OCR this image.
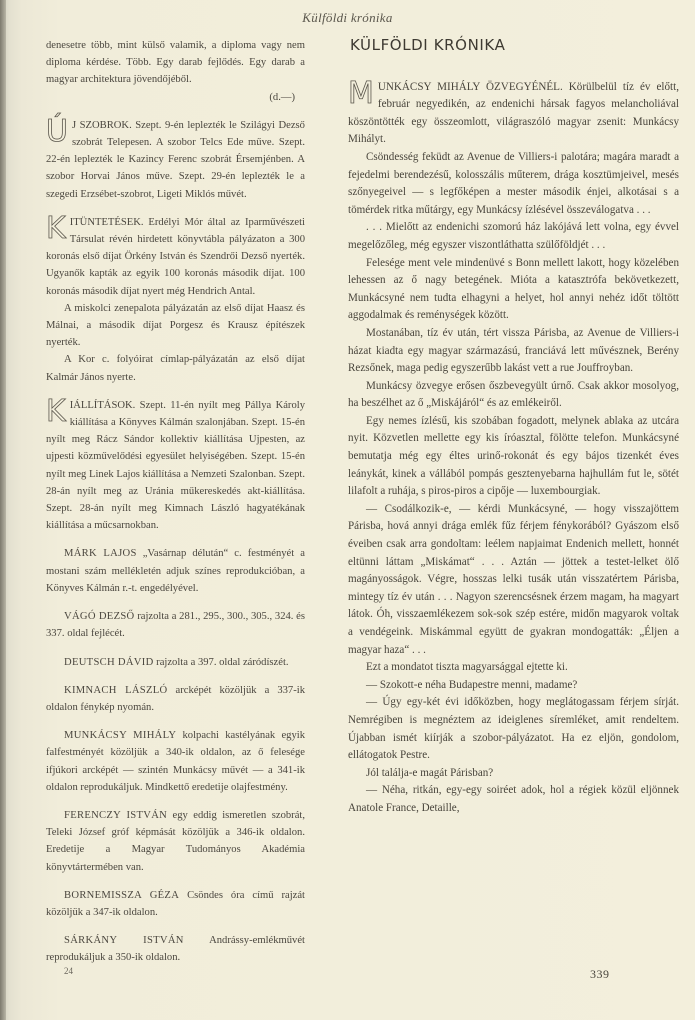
Külföldi krónika

denesetre több, mint külső valamik, a diploma vagy nem diploma kérdése. Több. Egy darab fejlődés. Egy darab a magyar architektura jövendőjéből.
(d.—)

Ú J SZOBROK. Szept. 9-én leplezték le Szilágyi Dezső szobrát Telepesen. A szobor Telcs Ede műve. Szept. 22-én leplezték le Kazincy Ferenc szobrát Érsemjénben. A szobor Horvai János műve. Szept. 29-én leplezték le a szegedi Erzsébet-szobrot, Ligeti Miklós művét.

KITÜNTETÉSEK. Erdélyi Mór által az Iparművészeti Társulat révén hirdetett könyvtábla pályázaton a 300 koronás első díjat Örkény István és Szendrői Dezső nyerték. Ugyanők kapták az egyik 100 koronás második díjat. 100 koronás második díjat nyert még Hendrich Antal.

A miskolci zenepalota pályázatán az első díjat Haasz és Málnai, a második díjat Porgesz és Krausz építészek nyerték.

A Kor c. folyóirat címlap-pályázatán az első díjat Kalmár János nyerte.

KIÁLLÍTÁSOK. Szept. 11-én nyílt meg Pállya Károly kiállítása a Könyves Kálmán szalonjában. Szept. 15-én nyílt meg Rácz Sándor kollektiv kiállítása Ujpesten, az ujpesti közművelődési egyesület helyiségében. Szept. 15-én nyílt meg Linek Lajos kiállítása a Nemzeti Szalonban. Szept. 28-án nyílt meg az Uránia műkereskedés akt-kiállítása. Szept. 28-án nyílt meg Kimnach László hagyatékának kiállítása a műcsarnokban.

MÁRK LAJOS „Vasárnap délután“ c. festményét a mostani szám mellékletén adjuk színes reprodukcióban, a Könyves Kálmán r.-t. engedélyével.

VÁGÓ DEZSŐ rajzolta a 281., 295., 300., 305., 324. és 337. oldal fejlécét.

DEUTSCH DÁVID rajzolta a 397. oldal záródíszét.

KIMNACH LÁSZLÓ arcképét közöljük a 337-ik oldalon fénykép nyomán.

MUNKÁCSY MIHÁLY kolpachi kastélyának egyik falfestményét közöljük a 340-ik oldalon, az ő felesége ifjúkori arcképét — szintén Munkácsy művét — a 341-ik oldalon reprodukáljuk. Mindkettő eredetije olajfestmény.

FERENCZY ISTVÁN egy eddig ismeretlen szobrát, Teleki József gróf képmását közöljük a 346-ik oldalon. Eredetije a Magyar Tudományos Akadémia könyvtártermében van.

BORNEMISSZA GÉZA Csöndes óra című rajzát közöljük a 347-ik oldalon.

SÁRKÁNY ISTVÁN Andrássy-emlékművét reprodukáljuk a 350-ik oldalon.

24
KÜLFÖLDI KRÓNIKA

MUNKÁCSY MIHÁLY ÖZVEGYÉNÉL. Körülbelül tíz év előtt, február negyedikén, az endenichi hársak fagyos melancholiával köszöntötték egy összeomlott, világraszóló magyar zsenit: Munkácsy Mihályt.

Csöndesség feküdt az Avenue de Villiers-i palotára; magára maradt a fejedelmi berendezésű, kolosszális műterem, drága kosztümjeivel, mesés szőnyegeivel — s legfőképen a mester második énjei, alkotásai s a tömérdek ritka műtárgy, egy Munkácsy ízlésével összeválogatva . . .

. . . Mielőtt az endenichi szomorú ház lakójává lett volna, egy évvel megelőzőleg, még egyszer viszontláthatta szülőföldjét . . .

Felesége ment vele mindenüvé s Bonn mellett lakott, hogy közelében lehessen az ő nagy betegének. Mióta a katasztrófa bekövetkezett, Munkácsyné nem tudta elhagyni a helyet, hol annyi nehéz időt töltött aggodalmak és reménységek között.

Mostanában, tíz év után, tért vissza Párisba, az Avenue de Villiers-i házat kiadta egy magyar származású, franciává lett művésznek, Berény Rezsőnek, maga pedig egyszerűbb lakást vett a rue Jouffroyban.

Munkácsy özvegye erősen őszbevegyült úrnő. Csak akkor mosolyog, ha beszélhet az ő „Miskájáról“ és az emlékeiről.

Egy nemes ízlésű, kis szobában fogadott, melynek ablaka az utcára nyit. Közvetlen mellette egy kis íróasztal, fölötte telefon. Munkácsyné bemutatja még egy éltes urinő-rokonát és egy bájos tizenkét éves leánykát, kinek a vállából pompás gesztenyebarna hajhullám fut le, sötét lilafolt a ruhája, s piros-piros a cipője — luxembourgiak.

— Csodálkozik-e, — kérdi Munkácsyné, — hogy visszajöttem Párisba, hová annyi drága emlék fűz férjem fénykorából? Gyászom első éveiben csak arra gondoltam: leélem napjaimat Endenich mellett, honnét eltünni láttam „Miskámat“ . . . Aztán — jöttek a testet-lelket ölő magányosságok. Végre, hosszas lelki tusák után visszatértem Párisba, mintegy tíz év után . . . Nagyon szerencsésnek érzem magam, ha magyart látok. Óh, visszaemlékezem sok-sok szép estére, midőn magyarok voltak a vendégeink. Miskámmal együtt de gyakran mondogatták: „Éljen a magyar haza“ . . .

Ezt a mondatot tiszta magyarsággal ejtette ki.

— Szokott-e néha Budapestre menni, madame?

— Úgy egy-két évi időközben, hogy meglátogassam férjem sírját. Nemrégiben is megnéztem az ideiglenes síremléket, amit rendeltem. Újabban ismét kiírják a szobor-pályázatot. Ha ez eljön, gondolom, ellátogatok Pestre.

Jól találja-e magát Párisban?

— Néha, ritkán, egy-egy soiréet adok, hol a régiek közül eljönnek Anatole France, Detaille,

339
